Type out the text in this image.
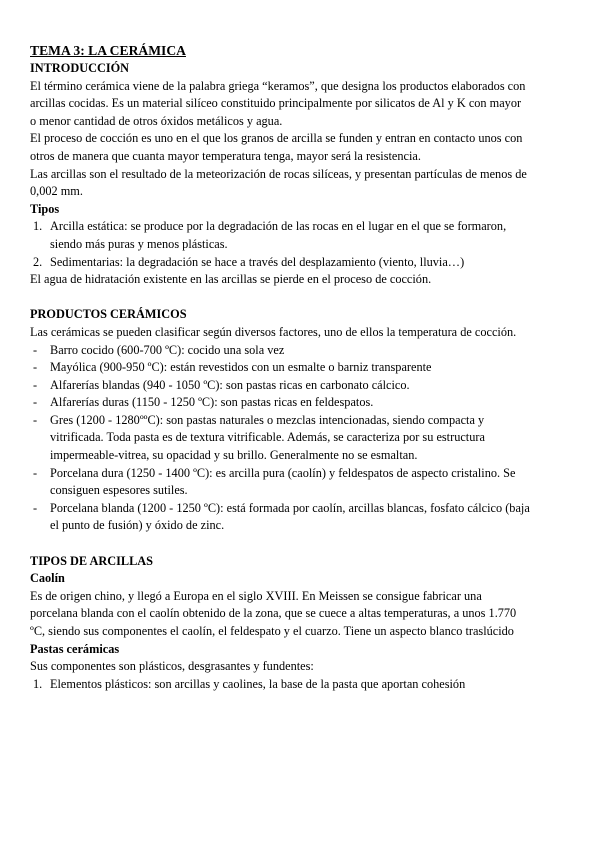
TEMA 3: LA CERÁMICA

INTRODUCCIÓN

El término cerámica viene de la palabra griega “keramos”, que designa los productos elaborados con arcillas cocidas. Es un material silíceo constituido principalmente por silicatos de Al y K con mayor o menor cantidad de otros óxidos metálicos y agua.

El proceso de cocción es uno en el que los granos de arcilla se funden y entran en contacto unos con otros de manera que cuanta mayor temperatura tenga, mayor será la resistencia.

Las arcillas son el resultado de la meteorización de rocas silíceas, y presentan partículas de menos de 0,002 mm.

Tipos

1. Arcilla estática: se produce por la degradación de las rocas en el lugar en el que se formaron, siendo más puras y menos plásticas.
2. Sedimentarias: la degradación se hace a través del desplazamiento (viento, lluvia…)

El agua de hidratación existente en las arcillas se pierde en el proceso de cocción.

PRODUCTOS CERÁMICOS

Las cerámicas se pueden clasificar según diversos factores, uno de ellos la temperatura de cocción.

-	Barro cocido (600-700 ºC): cocido una sola vez
-	Mayólica (900-950 ºC): están revestidos con un esmalte o barniz transparente
-	Alfarerías blandas (940 - 1050 ºC): son pastas ricas en carbonato cálcico.
-	Alfarerías duras (1150 - 1250 ºC): son pastas ricas en feldespatos.
-	Gres (1200 - 1280ººC): son pastas naturales o mezclas intencionadas, siendo compacta y vitrificada. Toda pasta es de textura vitrificable. Además, se caracteriza por su estructura impermeable-vitrea, su opacidad y su brillo. Generalmente no se esmaltan.
-	Porcelana dura (1250 - 1400 ºC): es arcilla pura (caolín) y feldespatos de aspecto cristalino. Se consiguen espesores sutiles.
-	Porcelana blanda (1200 - 1250 ºC): está formada por caolín, arcillas blancas, fosfato cálcico (baja el punto de fusión) y óxido de zinc.

TIPOS DE ARCILLAS

Caolín

Es de origen chino, y llegó a Europa en el siglo XVIII. En Meissen se consigue fabricar una porcelana blanda con el caolín obtenido de la zona, que se cuece a altas temperaturas, a unos 1.770 ºC, siendo sus componentes el caolín, el feldespato y el cuarzo. Tiene un aspecto blanco traslúcido

Pastas cerámicas

Sus componentes son plásticos, desgrasantes y fundentes:

1. Elementos plásticos: son arcillas y caolines, la base de la pasta que aportan cohesión
